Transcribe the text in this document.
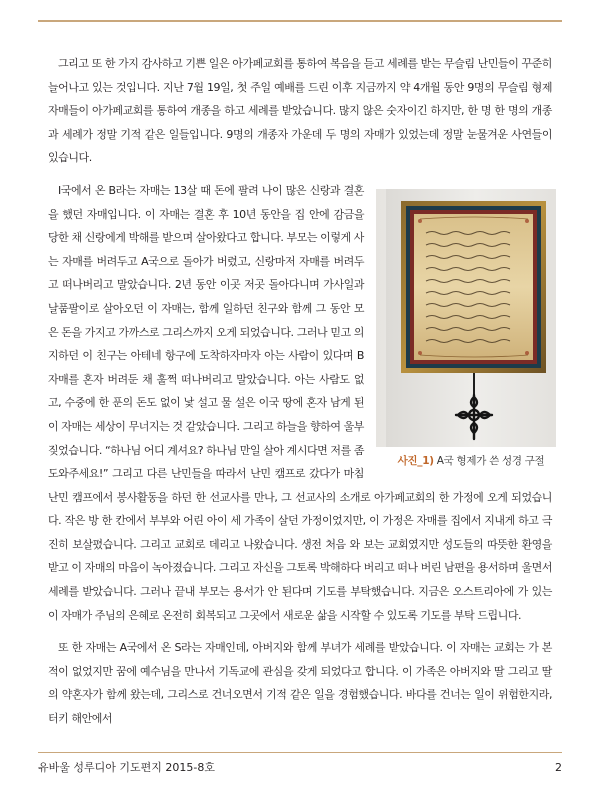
그리고 또 한 가지 감사하고 기쁜 일은 아가페교회를 통하여 복음을 듣고 세례를 받는 무슬림 난민들이 꾸준히 늘어나고 있는 것입니다. 지난 7월 19일, 첫 주일 예배를 드린 이후 지금까지 약 4개월 동안 9명의 무슬림 형제 자매들이 아가페교회를 통하여 개종을 하고 세례를 받았습니다. 많지 않은 숫자이긴 하지만, 한 명 한 명의 개종과 세례가 정말 기적 같은 일들입니다. 9명의 개종자 가운데 두 명의 자매가 있었는데 정말 눈물겨운 사연들이 있습니다.

사진_1) A국 형제가 쓴 성경 구절
I국에서 온 B라는 자매는 13살 때 돈에 팔려 나이 많은 신랑과 결혼을 했던 자매입니다. 이 자매는 결혼 후 10년 동안을 집 안에 감금을 당한 채 신랑에게 박해를 받으며 살아왔다고 합니다. 부모는 이렇게 사는 자매를 버려두고 A국으로 돌아가 버렸고, 신랑마저 자매를 버려두고 떠나버리고 말았습니다. 2년 동안 이곳 저곳 돌아다니며 가사일과 날품팔이로 살아오던 이 자매는, 함께 일하던 친구와 함께 그 동안 모은 돈을 가지고 가까스로 그리스까지 오게 되었습니다. 그러나 믿고 의지하던 이 친구는 아테네 항구에 도착하자마자 아는 사람이 있다며 B자매를 혼자 버려둔 채 훌쩍 떠나버리고 말았습니다. 아는 사람도 없고, 수중에 한 푼의 돈도 없이 낯 설고 물 설은 이국 땅에 혼자 남게 된 이 자매는 세상이 무너지는 것 같았습니다. 그리고 하늘을 향하여 울부짖었습니다. “하나님 어디 계셔요? 하나님 만일 살아 계시다면 저를 좀 도와주세요!” 그리고 다른 난민들을 따라서 난민 캠프로 갔다가 마침 난민 캠프에서 봉사활동을 하던 한 선교사를 만나, 그 선교사의 소개로 아가페교회의 한 가정에 오게 되었습니다. 작은 방 한 칸에서 부부와 어린 아이 세 가족이 살던 가정이었지만, 이 가정은 자매를 집에서 지내게 하고 극진히 보살폈습니다. 그리고 교회로 데리고 나왔습니다. 생전 처음 와 보는 교회였지만 성도들의 따뜻한 환영을 받고 이 자매의 마음이 녹아졌습니다. 그리고 자신을 그토록 박해하다 버리고 떠나 버린 남편을 용서하며 울면서 세례를 받았습니다. 그러나 끝내 부모는 용서가 안 된다며 기도를 부탁했습니다. 지금은 오스트리아에 가 있는 이 자매가 주님의 은혜로 온전히 회복되고 그곳에서 새로운 삶을 시작할 수 있도록 기도를 부탁 드립니다.

또 한 자매는 A국에서 온 S라는 자매인데, 아버지와 함께 부녀가 세례를 받았습니다. 이 자매는 교회는 가 본적이 없었지만 꿈에 예수님을 만나서 기독교에 관심을 갖게 되었다고 합니다. 이 가족은 아버지와 딸 그리고 딸의 약혼자가 함께 왔는데, 그리스로 건너오면서 기적 같은 일을 경험했습니다. 바다를 건너는 일이 위험한지라, 터키 해안에서

유바울 성루디아 기도편지 2015-8호	2
